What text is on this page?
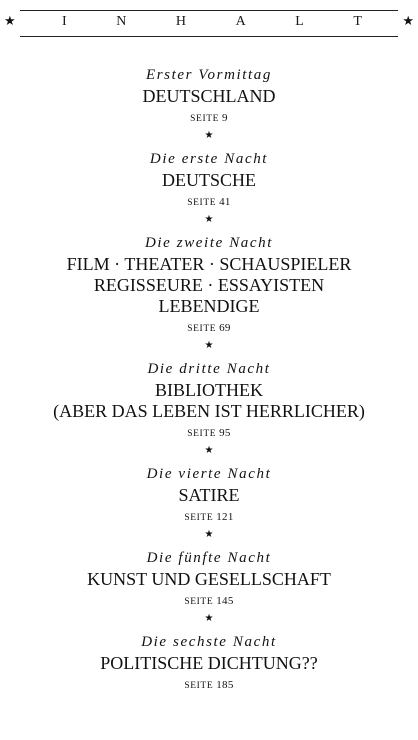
★	I	N	H	A	L	T	★
Erster Vormittag
DEUTSCHLAND
SEITE 9
★
Die erste Nacht
DEUTSCHE
SEITE 41
★
Die zweite Nacht
FILM · THEATER · SCHAUSPIELER
REGISSEURE · ESSAYISTEN
LEBENDIGE
SEITE 69
★
Die dritte Nacht
BIBLIOTHEK
(ABER DAS LEBEN IST HERRLICHER)
SEITE 95
★
Die vierte Nacht
SATIRE
SEITE 121
★
Die fünfte Nacht
KUNST UND GESELLSCHAFT
SEITE 145
★
Die sechste Nacht
POLITISCHE DICHTUNG??
SEITE 185
